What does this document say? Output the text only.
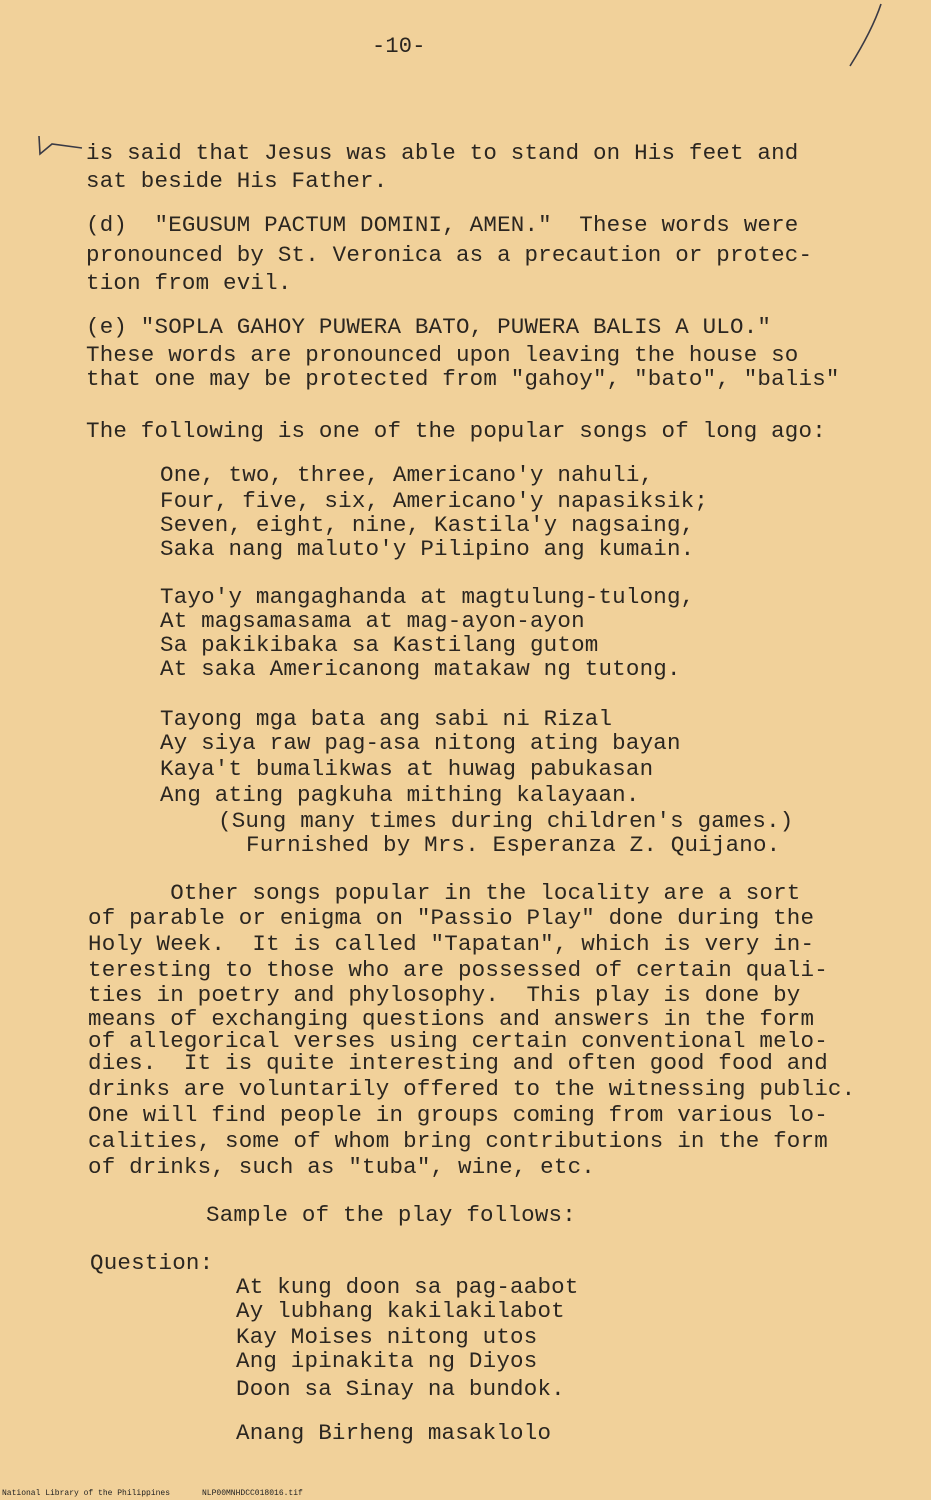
-10-
is said that Jesus was able to stand on His feet and
sat beside His Father.
(d)  "EGUSUM PACTUM DOMINI, AMEN."  These words were
pronounced by St. Veronica as a precaution or protec-
tion from evil.
(e) "SOPLA GAHOY PUWERA BATO, PUWERA BALIS A ULO."
These words are pronounced upon leaving the house so
that one may be protected from "gahoy", "bato", "balis"
The following is one of the popular songs of long ago:
One, two, three, Americano'y nahuli,
Four, five, six, Americano'y napasiksik;
Seven, eight, nine, Kastila'y nagsaing,
Saka nang maluto'y Pilipino ang kumain.
Tayo'y mangaghanda at magtulung-tulong,
At magsamasama at mag-ayon-ayon
Sa pakikibaka sa Kastilang gutom
At saka Americanong matakaw ng tutong.
Tayong mga bata ang sabi ni Rizal
Ay siya raw pag-asa nitong ating bayan
Kaya't bumalikwas at huwag pabukasan
Ang ating pagkuha mithing kalayaan.
(Sung many times during children's games.)
Furnished by Mrs. Esperanza Z. Quijano.
Other songs popular in the locality are a sort
of parable or enigma on "Passio Play" done during the
Holy Week.  It is called "Tapatan", which is very in-
teresting to those who are possessed of certain quali-
ties in poetry and phylosophy.  This play is done by
means of exchanging questions and answers in the form
of allegorical verses using certain conventional melo-
dies.  It is quite interesting and often good food and
drinks are voluntarily offered to the witnessing public.
One will find people in groups coming from various lo-
calities, some of whom bring contributions in the form
of drinks, such as "tuba", wine, etc.
Sample of the play follows:
Question:
At kung doon sa pag-aabot
Ay lubhang kakilakilabot
Kay Moises nitong utos
Ang ipinakita ng Diyos
Doon sa Sinay na bundok.
Anang Birheng masaklolo
National Library of the Philippines	NLP00MNHDCC018016.tif
